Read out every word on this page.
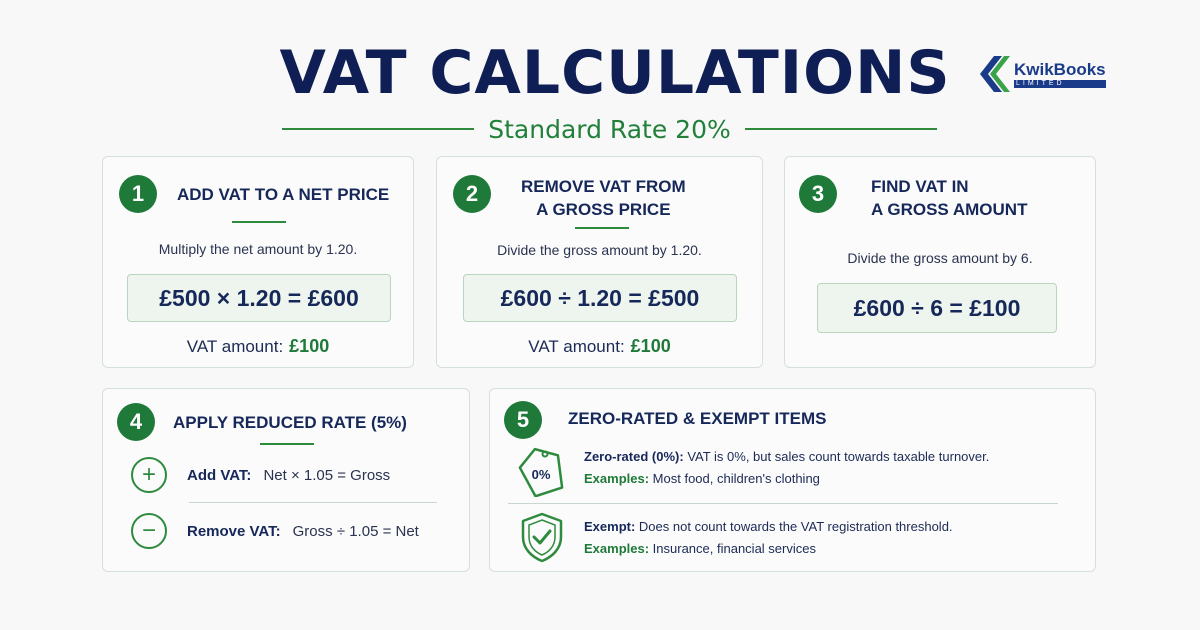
VAT CALCULATIONS
Standard Rate 20%
KwikBooks
LIMITED
1	ADD VAT TO A NET PRICE
Multiply the net amount by 1.20.
£500 × 1.20 = £600
VAT amount: £100
2	REMOVE VAT FROM
A GROSS PRICE
Divide the gross amount by 1.20.
£600 ÷ 1.20 = £500
VAT amount: £100
3	FIND VAT IN
A GROSS AMOUNT
Divide the gross amount by 6.
£600 ÷ 6 = £100
4	APPLY REDUCED RATE (5%)
+	Add VAT: Net × 1.05 = Gross
−	Remove VAT: Gross ÷ 1.05 = Net
5	ZERO-RATED & EXEMPT ITEMS
0%
Zero-rated (0%): VAT is 0%, but sales count towards taxable turnover.
Examples: Most food, children's clothing
Exempt: Does not count towards the VAT registration threshold.
Examples: Insurance, financial services
